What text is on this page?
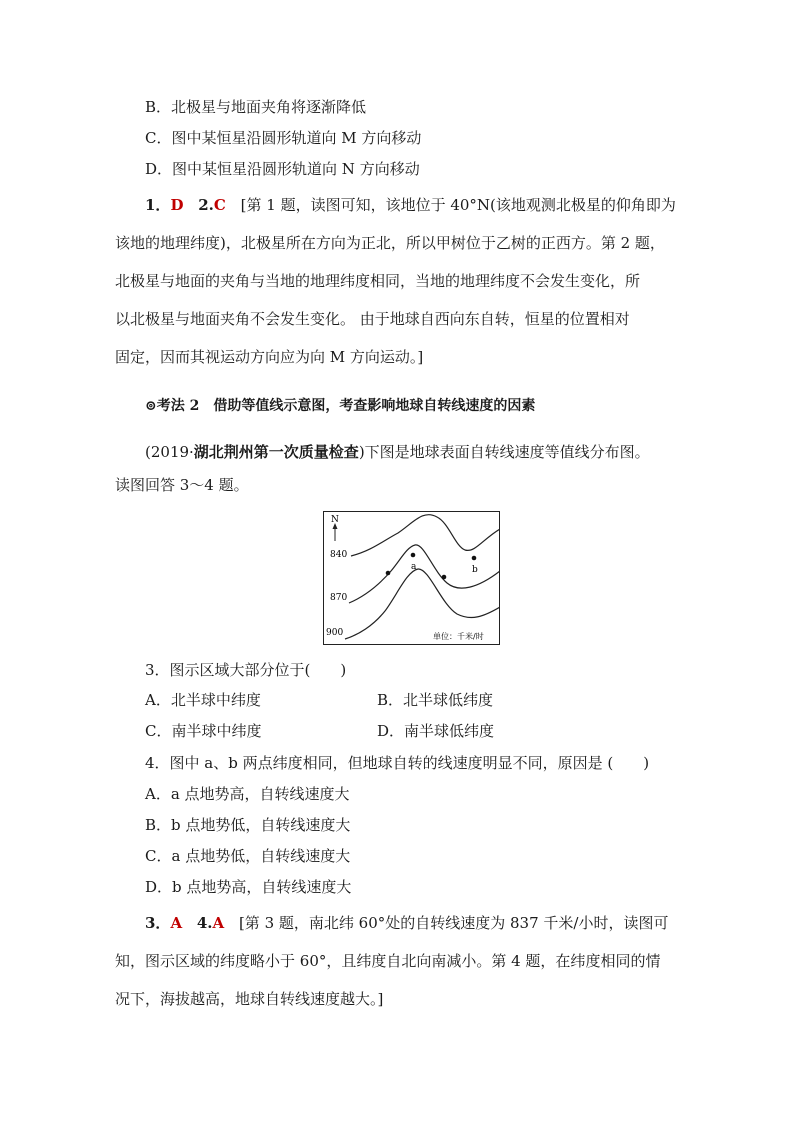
B．北极星与地面夹角将逐渐降低
C．图中某恒星沿圆形轨道向 M 方向移动
D．图中某恒星沿圆形轨道向 N 方向移动
1．D 2.C [第 1 题，读图可知，该地位于 40°N(该地观测北极星的仰角即为
该地的地理纬度)，北极星所在方向为正北，所以甲树位于乙树的正西方。第 2 题，
北极星与地面的夹角与当地的地理纬度相同，当地的地理纬度不会发生变化，所
以北极星与地面夹角不会发生变化。 由于地球自西向东自转，恒星的位置相对
固定，因而其视运动方向应为向 M 方向运动。]
⊚考法 2　借助等值线示意图，考查影响地球自转线速度的因素
(2019·湖北荆州第一次质量检查)下图是地球表面自转线速度等值线分布图。
读图回答 3～4 题。
N
840
870
900
a	b
单位：千米/时
3．图示区域大部分位于(　　)
A．北半球中纬度	B．北半球低纬度
C．南半球中纬度	D．南半球低纬度
4．图中 a、b 两点纬度相同，但地球自转的线速度明显不同，原因是 (　　)
A．a 点地势高，自转线速度大
B．b 点地势低，自转线速度大
C．a 点地势低，自转线速度大
D．b 点地势高，自转线速度大
3．A 4.A [第 3 题，南北纬 60°处的自转线速度为 837 千米/小时，读图可
知，图示区域的纬度略小于 60°，且纬度自北向南减小。第 4 题，在纬度相同的情
况下，海拔越高，地球自转线速度越大。]
